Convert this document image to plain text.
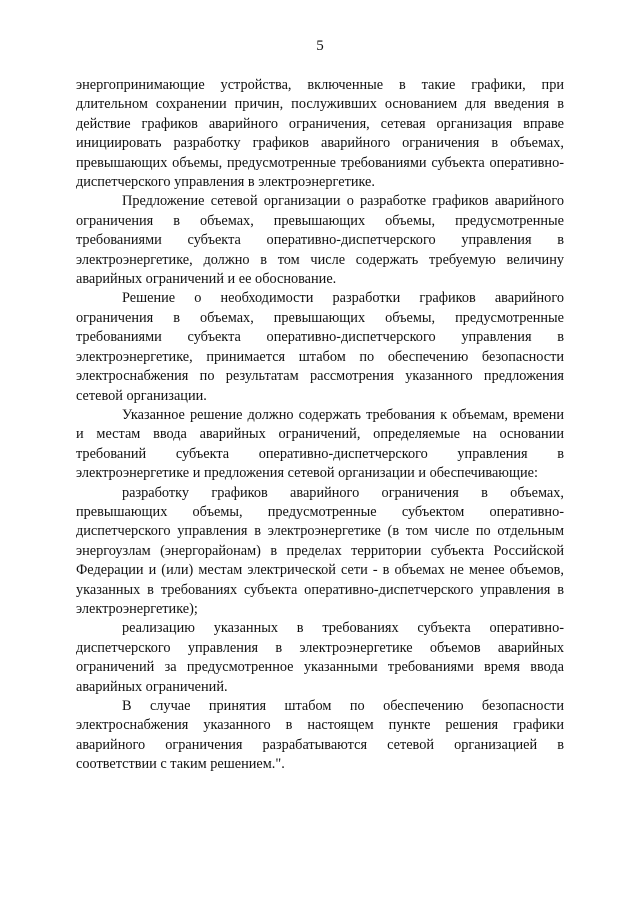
5

энергопринимающие устройства, включенные в такие графики, при длительном сохранении причин, послуживших основанием для введения в действие графиков аварийного ограничения, сетевая организация вправе инициировать разработку графиков аварийного ограничения в объемах, превышающих объемы, предусмотренные требованиями субъекта оперативно-диспетчерского управления в электроэнергетике.

Предложение сетевой организации о разработке графиков аварийного ограничения в объемах, превышающих объемы, предусмотренные требованиями субъекта оперативно-диспетчерского управления в электроэнергетике, должно в том числе содержать требуемую величину аварийных ограничений и ее обоснование.

Решение о необходимости разработки графиков аварийного ограничения в объемах, превышающих объемы, предусмотренные требованиями субъекта оперативно-диспетчерского управления в электроэнергетике, принимается штабом по обеспечению безопасности электроснабжения по результатам рассмотрения указанного предложения сетевой организации.

Указанное решение должно содержать требования к объемам, времени и местам ввода аварийных ограничений, определяемые на основании требований субъекта оперативно-диспетчерского управления в электроэнергетике и предложения сетевой организации и обеспечивающие:

разработку графиков аварийного ограничения в объемах, превышающих объемы, предусмотренные субъектом оперативно-диспетчерского управления в электроэнергетике (в том числе по отдельным энергоузлам (энергорайонам) в пределах территории субъекта Российской Федерации и (или) местам электрической сети - в объемах не менее объемов, указанных в требованиях субъекта оперативно-диспетчерского управления в электроэнергетике);

реализацию указанных в требованиях субъекта оперативно-диспетчерского управления в электроэнергетике объемов аварийных ограничений за предусмотренное указанными требованиями время ввода аварийных ограничений.

В случае принятия штабом по обеспечению безопасности электроснабжения указанного в настоящем пункте решения графики аварийного ограничения разрабатываются сетевой организацией в соответствии с таким решением.".
